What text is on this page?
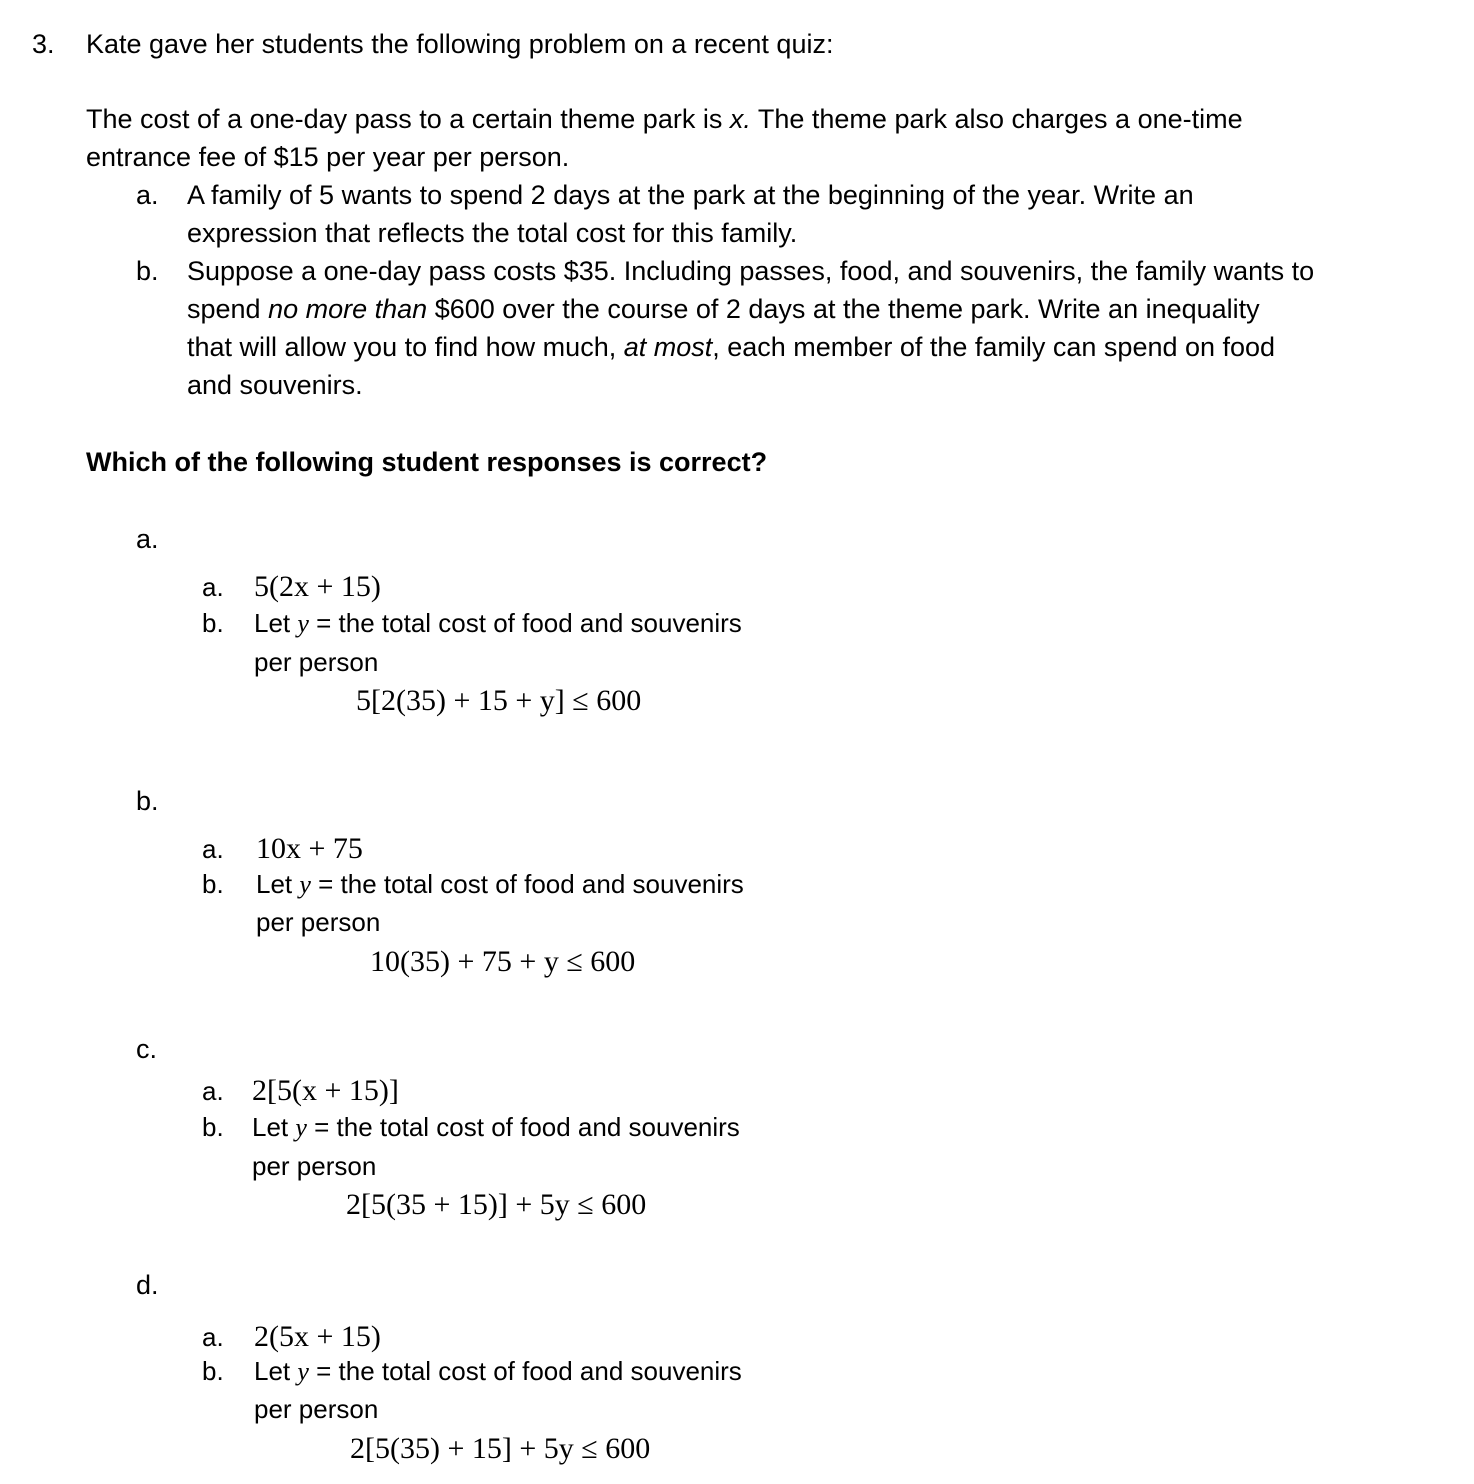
3. Kate gave her students the following problem on a recent quiz:
The cost of a one-day pass to a certain theme park is x. The theme park also charges a one-time
entrance fee of $15 per year per person.
a. A family of 5 wants to spend 2 days at the park at the beginning of the year. Write an
expression that reflects the total cost for this family.
b. Suppose a one-day pass costs $35. Including passes, food, and souvenirs, the family wants to
spend no more than $600 over the course of 2 days at the theme park. Write an inequality
that will allow you to find how much, at most, each member of the family can spend on food
and souvenirs.
Which of the following student responses is correct?
a.
a. 5(2x + 15)
b. Let y = the total cost of food and souvenirs
per person
5[2(35) + 15 + y] ≤ 600
b.
a. 10x + 75
b. Let y = the total cost of food and souvenirs
per person
10(35) + 75 + y ≤ 600
c.
a. 2[5(x + 15)]
b. Let y = the total cost of food and souvenirs
per person
2[5(35 + 15)] + 5y ≤ 600
d.
a. 2(5x + 15)
b. Let y = the total cost of food and souvenirs
per person
2[5(35) + 15] + 5y ≤ 600
